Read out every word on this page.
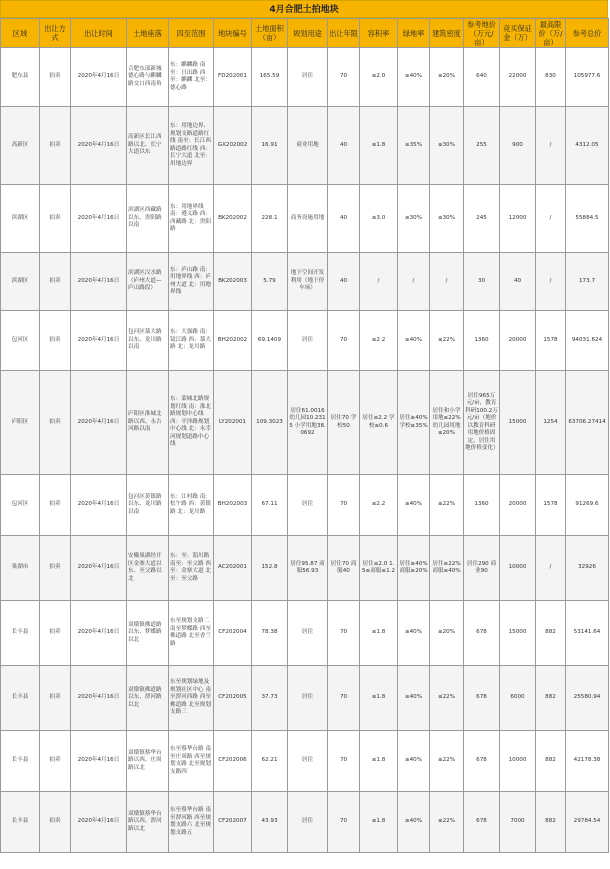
4月合肥土拍地块
区域	出让方式	出让时间	土地座落	四至范围	地块编号	土地面积（亩）	规划用途	出让年限	容积率	绿地率	建筑密度	参考地价（万元/亩）	竞买保证金（万）	最高限价（万/亩）	参考总价
肥东县	拍卖	2020年4月16日	合肥东部新城德心路与麒麟路交口西南角	东：麒麟路 南至：日出路 西至：麒麟 北至：德心路	FD202001	165.59	居住	70	≤2.0	≥40%	≤20%	640	22000	830	105977.6
高新区	拍卖	2020年4月16日	高新区长江西路以北、长宁大道以东	东：用地边界、规划支路道路红线 南至：长江西路道路红线 西：长宁大道 北至：用地边界	GX202002	16.91	商业用地	40	≤1.8	≥35%	≤30%	255	900	/	4312.05
滨湖区	拍卖	2020年4月16日	滨湖区西藏路以东、贵阳路以南	东：用地界线 南：遵义路 西：西藏路 北：贵阳路	BK202002	228.1	商务设施用地	40	≤3.0	≥30%	≤30%	245	12000	/	55884.5
滨湖区	拍卖	2020年4月16日	滨湖区汉水路（庐州大道—庐山路段）	东：庐山路 南：用地界线 西：庐州大道 北：用地界线	BK202003	5.79	地下空间开发利用（地下停车场）	40	/	/	/	30	40	/	173.7
包河区	拍卖	2020年4月16日	包河区慕大路以东、龙川路以南	东：大强路 南：镜江路 西：慕大路 北：龙川路	BH202002	69.1409	居住	70	≤2.2	≥40%	≤22%	1360	20000	1578	94031.624
庐阳区	拍卖	2020年4月16日	庐阳区淮城北路以西、永吉河路以南	东：蒙城北路规划红线 南：淮北路规划中心线 西：平泽路规划中心线 北：永幸河规划道路中心线	LY202001	109.3023	居住61.0016 幼儿园10.2315 小学用地38.0692	居住70 学校50	居住≤2.2 学校≤0.6	居住≥40% 学校≥35%	居住和小学用地≤22% 幼儿园用地≤20%	居住965万元/亩，教育科研100.2万元/亩（地价以教育科研用地价格固定，居住用地价格变化）	15000	1254	63706.27414
包河区	拍卖	2020年4月16日	包河区黄镇路以东、龙川路以南	东：江村路 南：松午路 西：黄镇路 北：龙川路	BH202003	67.11	居住	70	≤2.2	≥40%	≤22%	1360	20000	1578	91269.6
巢湖市	拍卖	2020年4月16日	安徽巢湖经开区金寨大道以东、至父路以北	东：至：湄川路 南至：至父路 西至：金寨大道 北至：至父路	AC202001	152.8	居住95.87 商服56.93	居住70 商服40	居住≤2.0 1.5≤商服≤1.2	居住≥40% 商服≥20%	居住≤22% 商服≤40%	居住290 商业90	10000	/	32926
长丰县	拍卖	2020年4月16日	双墩镇佛道路以东、梦蝶路以北	东至规划支路二 南至梦蝶路 西至佛道路 北至香兰路	CF202004	78.38	居住	70	≤1.8	≥40%	≤20%	678	15000	882	53141.64
长丰县	拍卖	2020年4月16日	双墩镇佛道路以东、淠河路以北	东至规划绿地及规划社区中心 南至淠河西路 西至佛道路 北至规划支路三	CF202005	37.73	居住	70	≤1.8	≥40%	≤22%	678	6000	882	25580.94
长丰县	拍卖	2020年4月16日	双墩镇蔡华台路以西、庄周路以北	东至蔡华台路 南至庄周路 西至规划支路 北至规划支路四	CF202006	62.21	居住	70	≤1.8	≥40%	≤22%	678	10000	882	42178.38
长丰县	拍卖	2020年4月16日	双墩镇蔡华台路以西、淠河路以北	东至蔡华台路 南至淠河路 西至规划支路六 北至规划支路五	CF202007	43.93	居住	70	≤1.8	≥40%	≤22%	678	7000	882	29784.54
